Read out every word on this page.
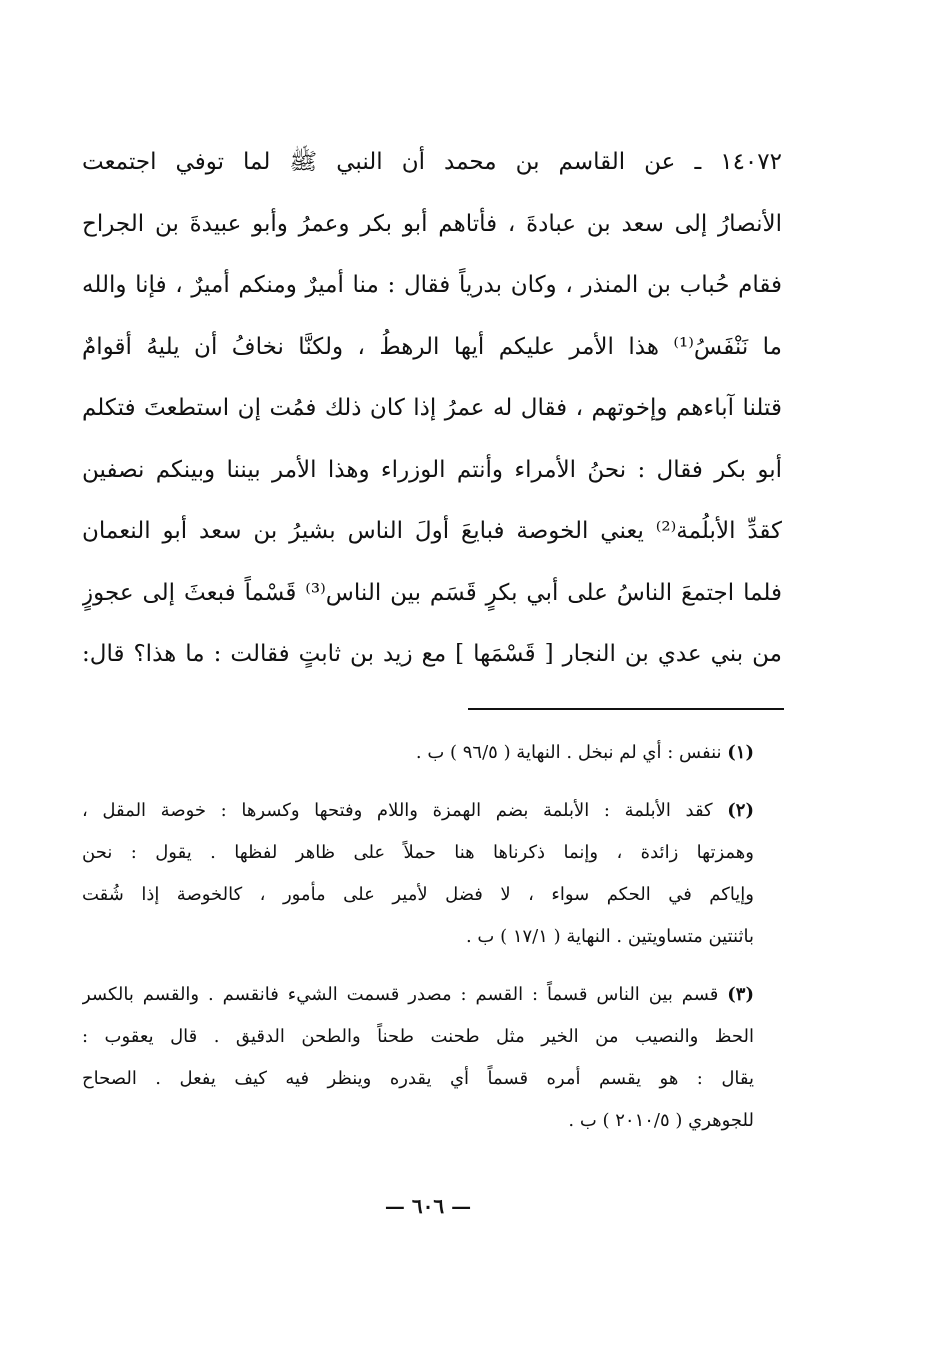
١٤٠٧٢ ـ عن القاسم بن محمد أن النبي ﷺ لما توفي اجتمعت
الأنصارُ إلى سعد بن عبادةَ ، فأتاهم أبو بكر وعمرُ وأبو عبيدةَ بن الجراح
فقام حُباب بن المنذر ، وكان بدرياً فقال : منا أميرٌ ومنكم أميرٌ ، فإنا والله
ما نَنْفَسُ⁽¹⁾ هذا الأمر عليكم أيها الرهطُ ، ولكنَّا نخافُ أن يليهُ أقوامٌ
قتلنا آباءهم وإخوتهم ، فقال له عمرُ إذا كان ذلك فمُت إن استطعتَ فتكلم
أبو بكر فقال : نحنُ الأمراء وأنتم الوزراء وهذا الأمر بيننا وبينكم نصفين
كقدِّ الأبلُمة⁽²⁾ يعني الخوصة فبايعَ أولَ الناس بشيرُ بن سعد أبو النعمان
فلما اجتمعَ الناسُ على أبي بكرٍ قَسَم بين الناس⁽³⁾ قَسْماً فبعثَ إلى عجوزٍ
من بني عدي بن النجار [ قَسْمَها ] مع زيد بن ثابتٍ فقالت : ما هذا؟ قال:
(١) ننفس : أي لم نبخل . النهاية ( ٩٦/٥ ) ب .
(٢) كقد الأبلمة : الأبلمة بضم الهمزة واللام وفتحها وكسرها : خوصة المقل ،
وهمزتها زائدة ، وإنما ذكرناها هنا حملاً على ظاهر لفظها . يقول : نحن
وإياكم في الحكم سواء ، لا فضل لأمير على مأمور ، كالخوصة إذا شُقت
باثنتين متساويتين . النهاية ( ١٧/١ ) ب .
(٣) قسم بين الناس قسماً : القسم : مصدر قسمت الشيء فانقسم . والقسم بالكسر
الحظ والنصيب من الخير مثل طحنت طحناً والطحن الدقيق . قال يعقوب :
يقال : هو يقسم أمره قسماً أي يقدره وينظر فيه كيف يفعل . الصحاح
للجوهري ( ٢٠١٠/٥ ) ب .
— ٦٠٦ —
